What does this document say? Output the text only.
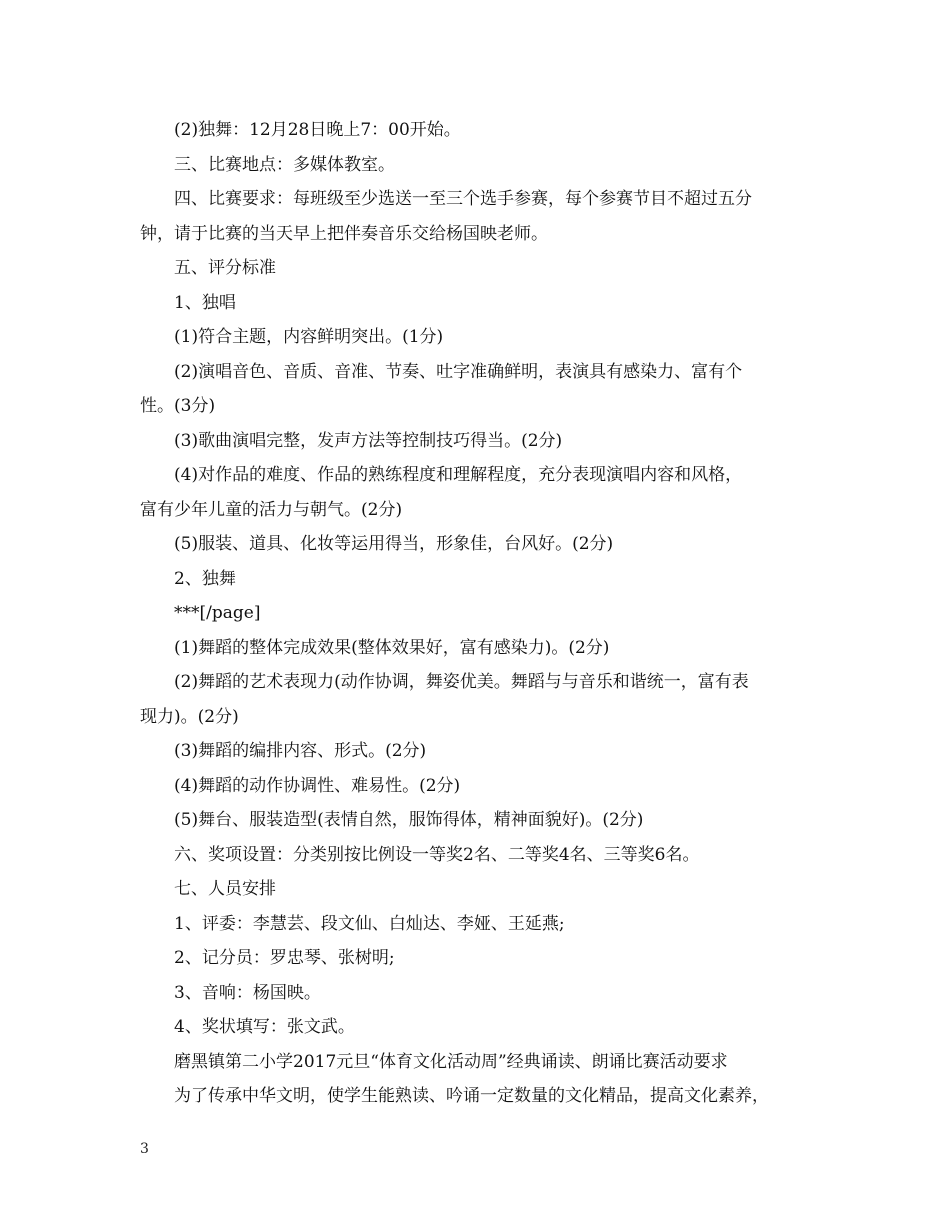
(2)独舞：12月28日晚上7：00开始。
三、比赛地点：多媒体教室。
四、比赛要求：每班级至少选送一至三个选手参赛，每个参赛节目不超过五分
钟，请于比赛的当天早上把伴奏音乐交给杨国映老师。
五、评分标准
1、独唱
(1)符合主题，内容鲜明突出。(1分)
(2)演唱音色、音质、音准、节奏、吐字准确鲜明，表演具有感染力、富有个
性。(3分)
(3)歌曲演唱完整，发声方法等控制技巧得当。(2分)
(4)对作品的难度、作品的熟练程度和理解程度，充分表现演唱内容和风格，
富有少年儿童的活力与朝气。(2分)
(5)服装、道具、化妆等运用得当，形象佳，台风好。(2分)
2、独舞
***[/page]
(1)舞蹈的整体完成效果(整体效果好，富有感染力)。(2分)
(2)舞蹈的艺术表现力(动作协调，舞姿优美。舞蹈与与音乐和谐统一，富有表
现力)。(2分)
(3)舞蹈的编排内容、形式。(2分)
(4)舞蹈的动作协调性、难易性。(2分)
(5)舞台、服装造型(表情自然，服饰得体，精神面貌好)。(2分)
六、奖项设置：分类别按比例设一等奖2名、二等奖4名、三等奖6名。
七、人员安排
1、评委：李慧芸、段文仙、白灿达、李娅、王延燕;
2、记分员：罗忠琴、张树明;
3、音响：杨国映。
4、奖状填写：张文武。
磨黑镇第二小学2017元旦“体育文化活动周”经典诵读、朗诵比赛活动要求
为了传承中华文明，使学生能熟读、吟诵一定数量的文化精品，提高文化素养，
3
